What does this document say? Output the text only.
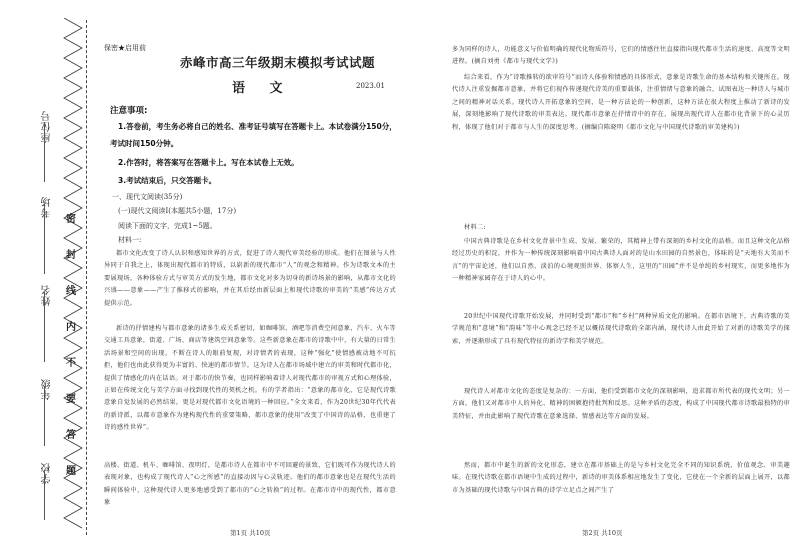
学校
年级
姓名
考场
座位号
密
封
线
内
不
要
答
题
保密★启用前
赤峰市高三年级期末模拟考试试题
语 文	2023.01
注意事项:
1.答卷前，考生务必将自己的姓名、准考证号填写在答题卡上。本试卷满分150分，
考试时间150分钟。
2.作答时，将答案写在答题卡上。写在本试卷上无效。
3.考试结束后，只交答题卡。
一、现代文阅读(35分)
(一)现代文阅读Ⅰ(本题共5小题，17分)
阅读下面的文字，完成1~5题。
材料一:
都市文化改变了诗人认识和感知世界的方式，促进了诗人现代审美经验的形成。他们在图景与人性异同于自我之上，体现出现代都市的特质，以崭新的现代都市“人”的观念和精神。作为诗歌文本的主要展现场，各种体验方式与审美方式的发生地，都市文化对多为切身的新诗场景的影响，从都市文化的兴盛——意象——产生了推移式的影响，并在其后经由新层面上和现代诗歌的审美的“美感”传达方式提供示范。
新诗的抒情建构与都市意象的诸多生成关系密切，如咖啡馆、酒吧等消费空间意象，汽车、火车等交通工具意象，街道、广场、商店等建筑空间意象等。这些新意象在都市的诗歌中中，有大量的日常生活场景和空间的出现，不断在诗人的眼前复现，对诗情者的表现，这种“强化”使情感被动地不可抗拒，他们也由此获得更为丰富的、快速的都市情节。这为诗人在都市场域中建立的审美和时代都市化，提供了情感化的内在话语。对于都市的快节奏，也同样影响着诗人对现代都市的审视方式和心理体验，正如在传统文化与美学方面寻找到现代性的契机之机。有的学者指出：“意象的都市化，它是现代诗歌意象自觉发展的必然结果，更是对现代都市文化语境的一种回应。”全文来看，作为20世纪30年代代表的新诗派，以都市意象作为建构现代性的重要策略，都市意象的使用“改变了中国诗的品格，也重建了诗的感性世界”。
高楼、街道、机车、咖啡馆、夜明灯，是都市诗人在都市中不可回避的景致，它们既可作为现代诗人的表现对象，也构成了现代诗人“心之所感”的直接动因与心灵轨迹。他们的都市意象也是在现代生活的瞬间体验中，这种现代诗人更多地感受到了都市的“心之转换”的过程。在都市诗中的现代性，都市意象
多为同样的诗人，功能意义与价值明确的现代化物质符号，它们的情感往往直接指向现代都市生活的速度、高度等文明进程。(摘自刘勇《都市与现代文学》)
综合来看，作为“诗歌推转的欲审符号”而诗人体验和情感的具体形式，意象是诗歌生命的基本结构和关键所在。现代诗人注重发掘都市意象，并将它们视作传递现代诗美的重要载体，注重情绪与意象的融合，试图表达一种诗人与城市之间的精神对话关系。现代诗人开拓意象的空间，是一种方法论的一种创新，这种方法在很大程度上推动了新诗的发展，深刻地影响了现代诗歌的审美表达。现代都市意象在抒情诗中的存在，展现出现代诗人在都市化背景下的心灵历程，体现了他们对于都市与人生的深度思考。(摘编自陈晓明《都市文化与中国现代诗歌的审美建构》)
材料二:
中国古典诗歌是在乡村文化背景中生成、发展、繁荣的，其精神上带有深刻的乡村文化的品格。而且这种文化品格经过历史的积淀，并作为一种传统深刻影响着中国古典诗人面对的是山水田园的自然景色，体味的是“天地有大美而不言”的宇宙论述，他们以自然、淡泊的心境观照世界、体察人生，这里的“田园”并不是单纯的乡村现实，而更多地作为一种精神家园存在于诗人的心中。
20世纪中国现代诗歌开始发展，并同时受到“都市”和“乡村”两种异质文化的影响。在都市语境下，古典诗歌的美学规范和“意境”和“韵味”等中心观念已经不足以概括现代诗歌的全部内涵，现代诗人由此开始了对新的诗歌美学的探索，并逐渐形成了具有现代特征的新诗学和美学规范。
现代诗人对都市文化的态度是复杂的：一方面，他们受到都市文化的深刻影响，追求都市所代表的现代文明；另一方面，他们又对都市中人的异化、精神的困顿抱持批判和反思。这种矛盾的态度，构成了中国现代都市诗歌最独特的审美特征，并由此影响了现代诗歌在意象选择、情感表达等方面的发展。
然而，都市中诞生的新的文化形态，建立在都市基础上的是与乡村文化完全不同的知识系统、价值观念、审美趣味。在现代诗歌在都市语境中生成的过程中，新诗的审美体系相应地发生了变化，它使在一个全新的层面上展开，以都市为基础的现代诗歌与中国古典的诗学立足点之间产生了
第1页 共10页	第2页 共10页
